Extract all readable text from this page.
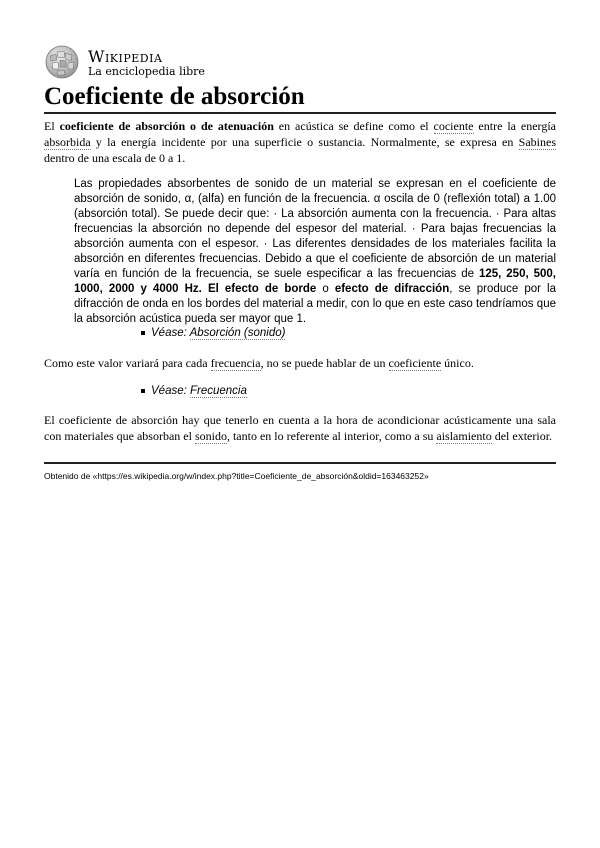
Wikipedia
La enciclopedia libre
Coeficiente de absorción

El coeficiente de absorción o de atenuación en acústica se define como el cociente entre la energía absorbida y la energía incidente por una superficie o sustancia. Normalmente, se expresa en Sabines dentro de una escala de 0 a 1.

Las propiedades absorbentes de sonido de un material se expresan en el coeficiente de absorción de sonido, α, (alfa) en función de la frecuencia. α oscila de 0 (reflexión total) a 1.00 (absorción total). Se puede decir que: · La absorción aumenta con la frecuencia. · Para altas frecuencias la absorción no depende del espesor del material. · Para bajas frecuencias la absorción aumenta con el espesor. · Las diferentes densidades de los materiales facilita la absorción en diferentes frecuencias. Debido a que el coeficiente de absorción de un material varía en función de la frecuencia, se suele especificar a las frecuencias de 125, 250, 500, 1000, 2000 y 4000 Hz. El efecto de borde o efecto de difracción, se produce por la difracción de onda en los bordes del material a medir, con lo que en este caso tendríamos que la absorción acústica pueda ser mayor que 1.

Véase: Absorción (sonido)

Como este valor variará para cada frecuencia, no se puede hablar de un coeficiente único.

Véase: Frecuencia

El coeficiente de absorción hay que tenerlo en cuenta a la hora de acondicionar acústicamente una sala con materiales que absorban el sonido, tanto en lo referente al interior, como a su aislamiento del exterior.

Obtenido de «https://es.wikipedia.org/w/index.php?title=Coeficiente_de_absorción&oldid=163463252»
